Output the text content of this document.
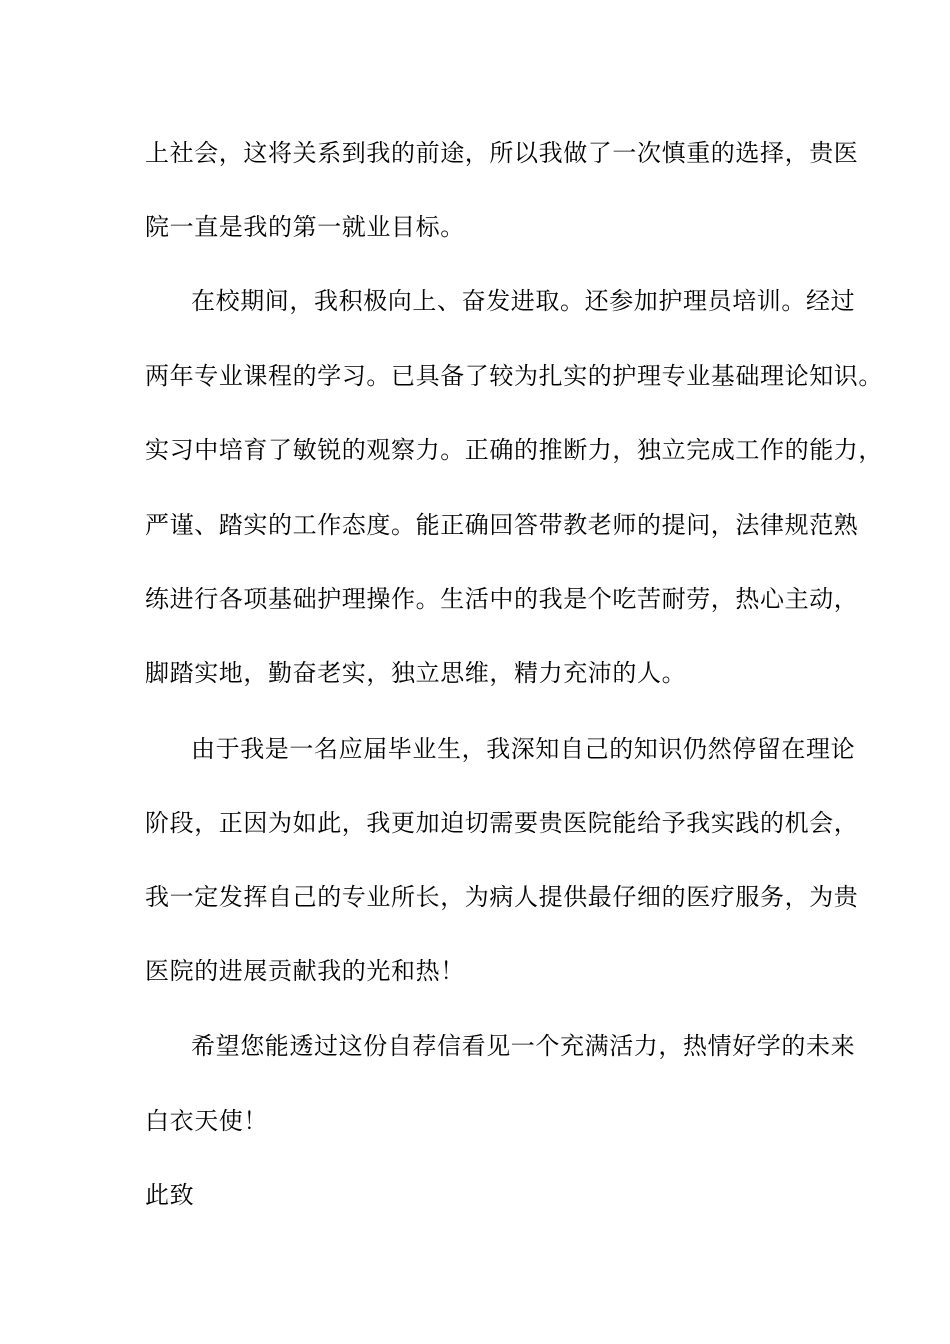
上社会，这将关系到我的前途，所以我做了一次慎重的选择，贵医
院一直是我的第一就业目标。
在校期间，我积极向上、奋发进取。还参加护理员培训。经过
两年专业课程的学习。已具备了较为扎实的护理专业基础理论知识。
实习中培育了敏锐的观察力。正确的推断力，独立完成工作的能力，
严谨、踏实的工作态度。能正确回答带教老师的提问，法律规范熟
练进行各项基础护理操作。生活中的我是个吃苦耐劳，热心主动，
脚踏实地，勤奋老实，独立思维，精力充沛的人。
由于我是一名应届毕业生，我深知自己的知识仍然停留在理论
阶段，正因为如此，我更加迫切需要贵医院能给予我实践的机会，
我一定发挥自己的专业所长，为病人提供最仔细的医疗服务，为贵
医院的进展贡献我的光和热！
希望您能透过这份自荐信看见一个充满活力，热情好学的未来
白衣天使！
此致
